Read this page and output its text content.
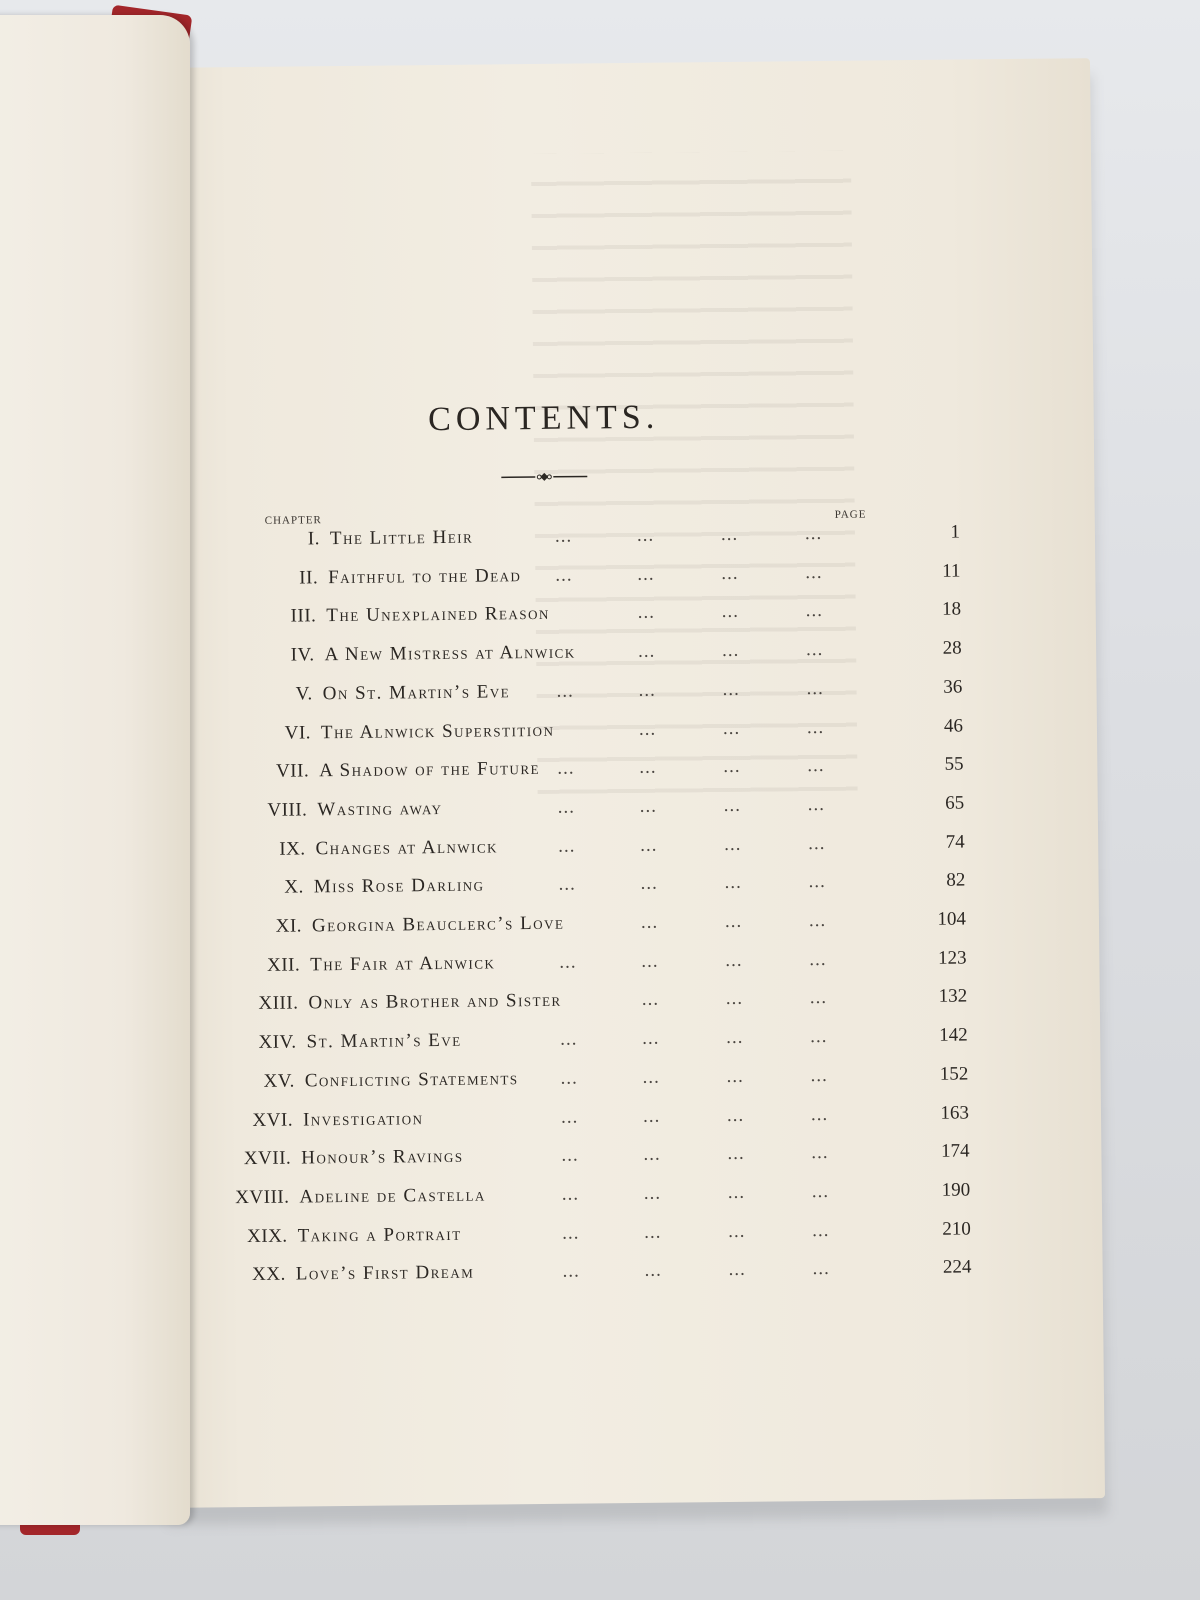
CONTENTS.
CHAPTER	PAGE
I. The Little Heir	...	...	...	...	1
II. Faithful to the Dead ...	...	...	...	11
III. The Unexplained Reason	...	...	...	18
IV. A New Mistress at Alnwick	...	...	...	28
V. On St. Martin’s Eve ...	...	...	...	36
VI. The Alnwick Superstition	...	...	...	46
VII. A Shadow of the Future ...	...	...	...	55
VIII. Wasting away	...	...	...	...	65
IX. Changes at Alnwick	...	...	...	...	74
X. Miss Rose Darling	...	...	...	...	82
XI. Georgina Beauclerc’s Love	...	...	...	104
XII. The Fair at Alnwick	...	...	...	...	123
XIII. Only as Brother and Sister	...	...	...	132
XIV. St. Martin’s Eve	...	...	...	...	142
XV. Conflicting Statements ...	...	...	...	152
XVI. Investigation	...	...	...	...	163
XVII. Honour’s Ravings	...	...	...	...	174
XVIII. Adeline de Castella	...	...	...	...	190
XIX. Taking a Portrait	...	...	...	...	210
XX. Love’s First Dream	...	...	...	...	224
